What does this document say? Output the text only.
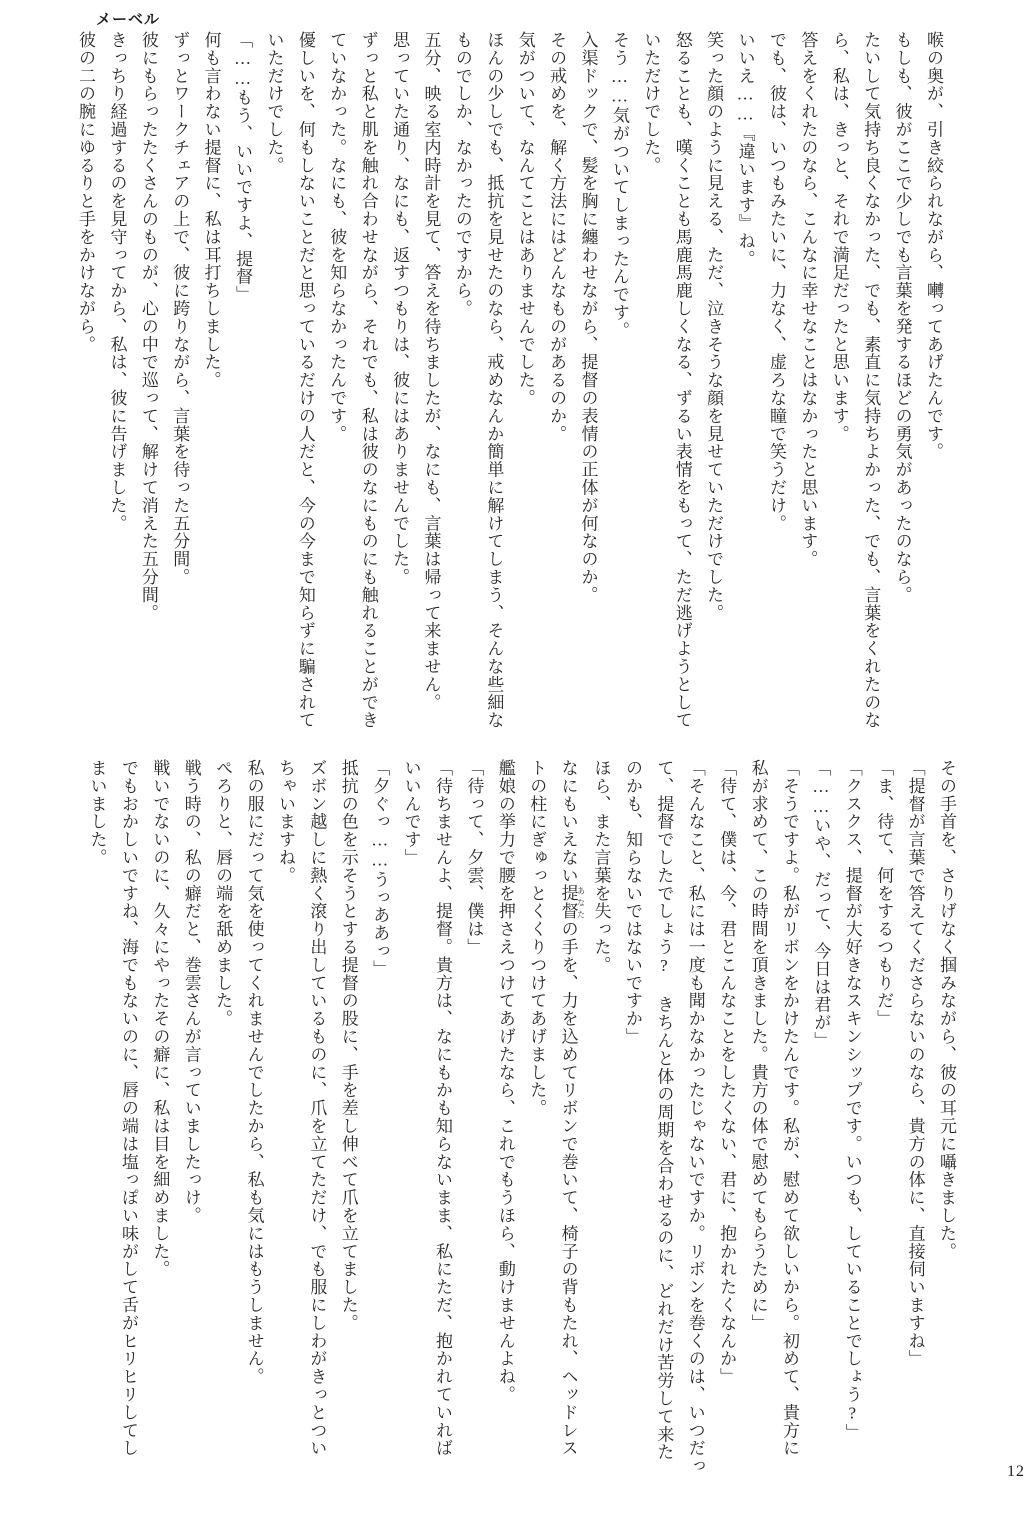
メーベル
喉の奥が、引き絞られながら、囀ってあげたんです。
もしも、彼がここで少しでも言葉を発するほどの勇気があったのなら。
たいして気持ち良くなかった、でも、素直に気持ちよかった、でも、言葉をくれたのな
ら、私は、きっと、それで満足だったと思います。
答えをくれたのなら、こんなに幸せなことはなかったと思います。
でも、彼は、いつもみたいに、力なく、虚ろな瞳で笑うだけ。
いいえ……『違います』ね。
笑った顔のように見える、ただ、泣きそうな顔を見せていただけでした。
怒ることも、嘆くことも馬鹿馬鹿しくなる、ずるい表情をもって、ただ逃げようとして
いただけでした。
そう……気がついてしまったんです。
入渠ドックで、髪を胸に纏わせながら、提督の表情の正体が何なのか。
その戒めを、解く方法にはどんなものがあるのか。
気がついて、なんてことはありませんでした。
ほんの少しでも、抵抗を見せたのなら、戒めなんか簡単に解けてしまう、そんな些細な
ものでしか、なかったのですから。
五分、映る室内時計を見て、答えを待ちましたが、なにも、言葉は帰って来ません。
思っていた通り、なにも、返すつもりは、彼にはありませんでした。
ずっと私と肌を触れ合わせながら、それでも、私は彼のなにものにも触れることができ
ていなかった。なにも、彼を知らなかったんです。
優しいを、何もしないことだと思っているだけの人だと、今の今まで知らずに騙されて
いただけでした。
「……もう、いいですよ、提督」
何も言わない提督に、私は耳打ちしました。
ずっとワークチェアの上で、彼に跨りながら、言葉を待った五分間。
彼にもらったたくさんのものが、心の中で巡って、解けて消えた五分間。
きっちり経過するのを見守ってから、私は、彼に告げました。
彼の二の腕にゆるりと手をかけながら。
その手首を、さりげなく掴みながら、彼の耳元に囁きました。
「提督が言葉で答えてくださらないのなら、貴方の体に、直接伺いますね」
「ま、待て、何をするつもりだ」
「クスクス、提督が大好きなスキンシップです。いつも、していることでしょう?」
「……いや、だって、今日は君が」
「そうですよ。私がリボンをかけたんです。私が、慰めて欲しいから。初めて、貴方に
私が求めて、この時間を頂きました。貴方の体で慰めてもらうために」
「待て、僕は、今、君とこんなことをしたくない、君に、抱かれたくなんか」
「そんなこと、私には一度も聞かなかったじゃないですか。リボンを巻くのは、いつだっ
て、提督でしたでしょう? きちんと体の周期を合わせるのに、どれだけ苦労して来た
のかも、知らないではないですか」
ほら、また言葉を失った。
なにもいえない提督 あなたの手を、力を込めてリボンで巻いて、椅子の背もたれ、ヘッドレス
トの柱にぎゅっとくくりつけてあげました。
艦娘の挙力で腰を押さえつけてあげたなら、これでもうほら、動けませんよね。
「待って、夕雲、僕は」
「待ちませんよ、提督。貴方は、なにもかも知らないまま、私にただ、抱かれていれば
いいんです」
「夕ぐっ……うっああっ」
抵抗の色を示そうとする提督の股に、手を差し伸べて爪を立てました。
ズボン越しに熱く滾り出しているものに、爪を立てただけ、でも服にしわがきっとつい
ちゃいますね。
私の服にだって気を使ってくれませんでしたから、私も気にはもうしません。
ぺろりと、唇の端を舐めました。
戦う時の、私の癖だと、巻雲さんが言っていましたっけ。
戦いでないのに、久々にやったその癖に、私は目を細めました。
でもおかしいですね、海でもないのに、唇の端は塩っぽい味がして舌がヒリヒリしてし
まいました。
12
